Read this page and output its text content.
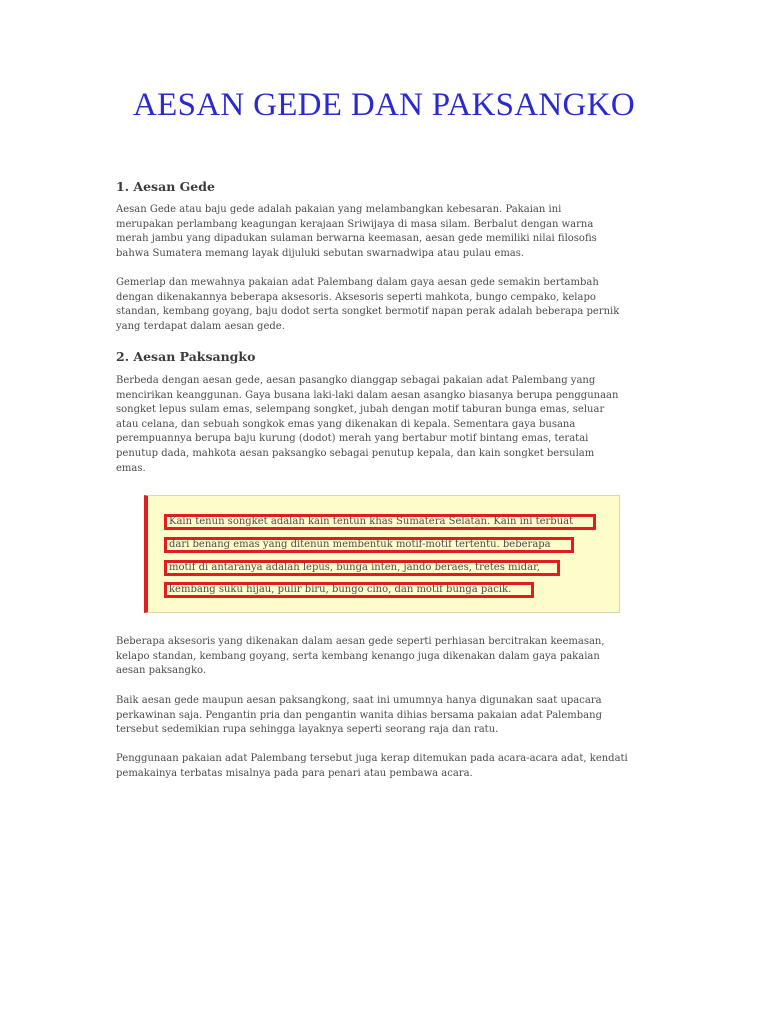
AESAN GEDE DAN PAKSANGKO
1. Aesan Gede

Aesan Gede atau baju gede adalah pakaian yang melambangkan kebesaran. Pakaian ini
merupakan perlambang keagungan kerajaan Sriwijaya di masa silam. Berbalut dengan warna
merah jambu yang dipadukan sulaman berwarna keemasan, aesan gede memiliki nilai filosofis
bahwa Sumatera memang layak dijuluki sebutan swarnadwipa atau pulau emas.

Gemerlap dan mewahnya pakaian adat Palembang dalam gaya aesan gede semakin bertambah
dengan dikenakannya beberapa aksesoris. Aksesoris seperti mahkota, bungo cempako, kelapo
standan, kembang goyang, baju dodot serta songket bermotif napan perak adalah beberapa pernik
yang terdapat dalam aesan gede.

2. Aesan Paksangko

Berbeda dengan aesan gede, aesan pasangko dianggap sebagai pakaian adat Palembang yang
mencirikan keanggunan. Gaya busana laki-laki dalam aesan asangko biasanya berupa penggunaan
songket lepus sulam emas, selempang songket, jubah dengan motif taburan bunga emas, seluar
atau celana, dan sebuah songkok emas yang dikenakan di kepala. Sementara gaya busana
perempuannya berupa baju kurung (dodot) merah yang bertabur motif bintang emas, teratai
penutup dada, mahkota aesan paksangko sebagai penutup kepala, dan kain songket bersulam
emas.

Kain tenun songket adalah kain tentun khas Sumatera Selatan. Kain ini terbuat
dari benang emas yang ditenun membentuk motif-motif tertentu. beberapa
motif di antaranya adalah lepus, bunga inten, jando beraes, tretes midar,
kembang suku hijau, pulir biru, bungo cino, dan motif bunga pacik.

Beberapa aksesoris yang dikenakan dalam aesan gede seperti perhiasan bercitrakan keemasan,
kelapo standan, kembang goyang, serta kembang kenango juga dikenakan dalam gaya pakaian
aesan paksangko.

Baik aesan gede maupun aesan paksangkong, saat ini umumnya hanya digunakan saat upacara
perkawinan saja. Pengantin pria dan pengantin wanita dihias bersama pakaian adat Palembang
tersebut sedemikian rupa sehingga layaknya seperti seorang raja dan ratu.

Penggunaan pakaian adat Palembang tersebut juga kerap ditemukan pada acara-acara adat, kendati
pemakainya terbatas misalnya pada para penari atau pembawa acara.
